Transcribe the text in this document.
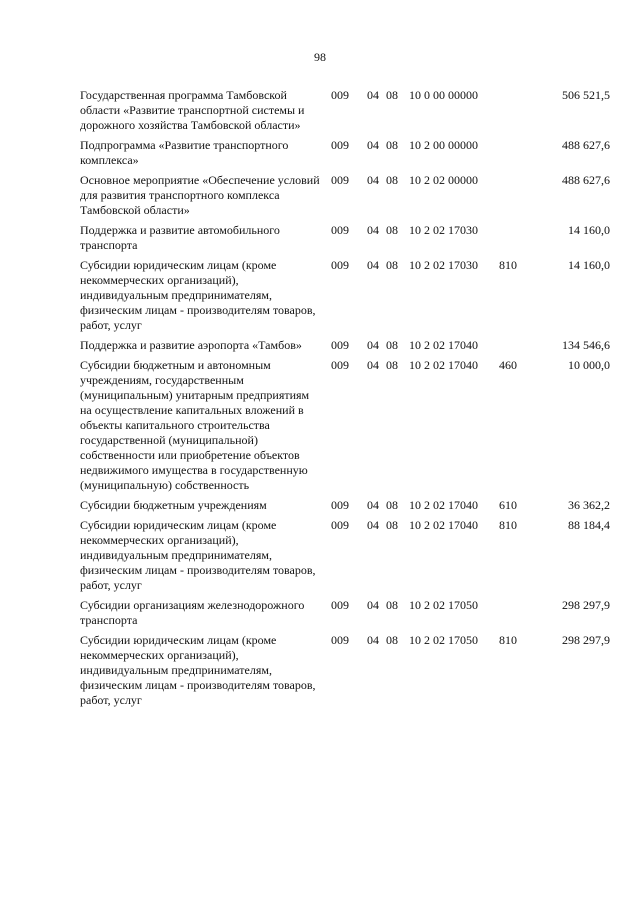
98
Государственная программа Тамбовской области «Развитие транспортной системы и дорожного хозяйства Тамбовской области»
009 04 08 10 0 00 00000	506 521,5
Подпрограмма «Развитие транспортного комплекса»
009 04 08 10 2 00 00000	488 627,6
Основное мероприятие «Обеспечение условий для развития транспортного комплекса Тамбовской области»
009 04 08 10 2 02 00000	488 627,6
Поддержка и развитие автомобильного транспорта
009 04 08 10 2 02 17030	14 160,0
Субсидии юридическим лицам (кроме некоммерческих организаций), индивидуальным предпринимателям, физическим лицам - производителям товаров, работ, услуг
009 04 08 10 2 02 17030 810	14 160,0
Поддержка и развитие аэропорта «Тамбов»	009 04 08 10 2 02 17040	134 546,6
Субсидии бюджетным и автономным учреждениям, государственным (муниципальным) унитарным предприятиям на осуществление капитальных вложений в объекты капитального строительства государственной (муниципальной) собственности или приобретение объектов недвижимого имущества в государственную (муниципальную) собственность
009 04 08 10 2 02 17040 460	10 000,0
Субсидии бюджетным учреждениям	009 04 08 10 2 02 17040 610	36 362,2
Субсидии юридическим лицам (кроме некоммерческих организаций), индивидуальным предпринимателям, физическим лицам - производителям товаров, работ, услуг
009 04 08 10 2 02 17040 810	88 184,4
Субсидии организациям железнодорожного транспорта
009 04 08 10 2 02 17050	298 297,9
Субсидии юридическим лицам (кроме некоммерческих организаций), индивидуальным предпринимателям, физическим лицам - производителям товаров, работ, услуг
009 04 08 10 2 02 17050 810	298 297,9
